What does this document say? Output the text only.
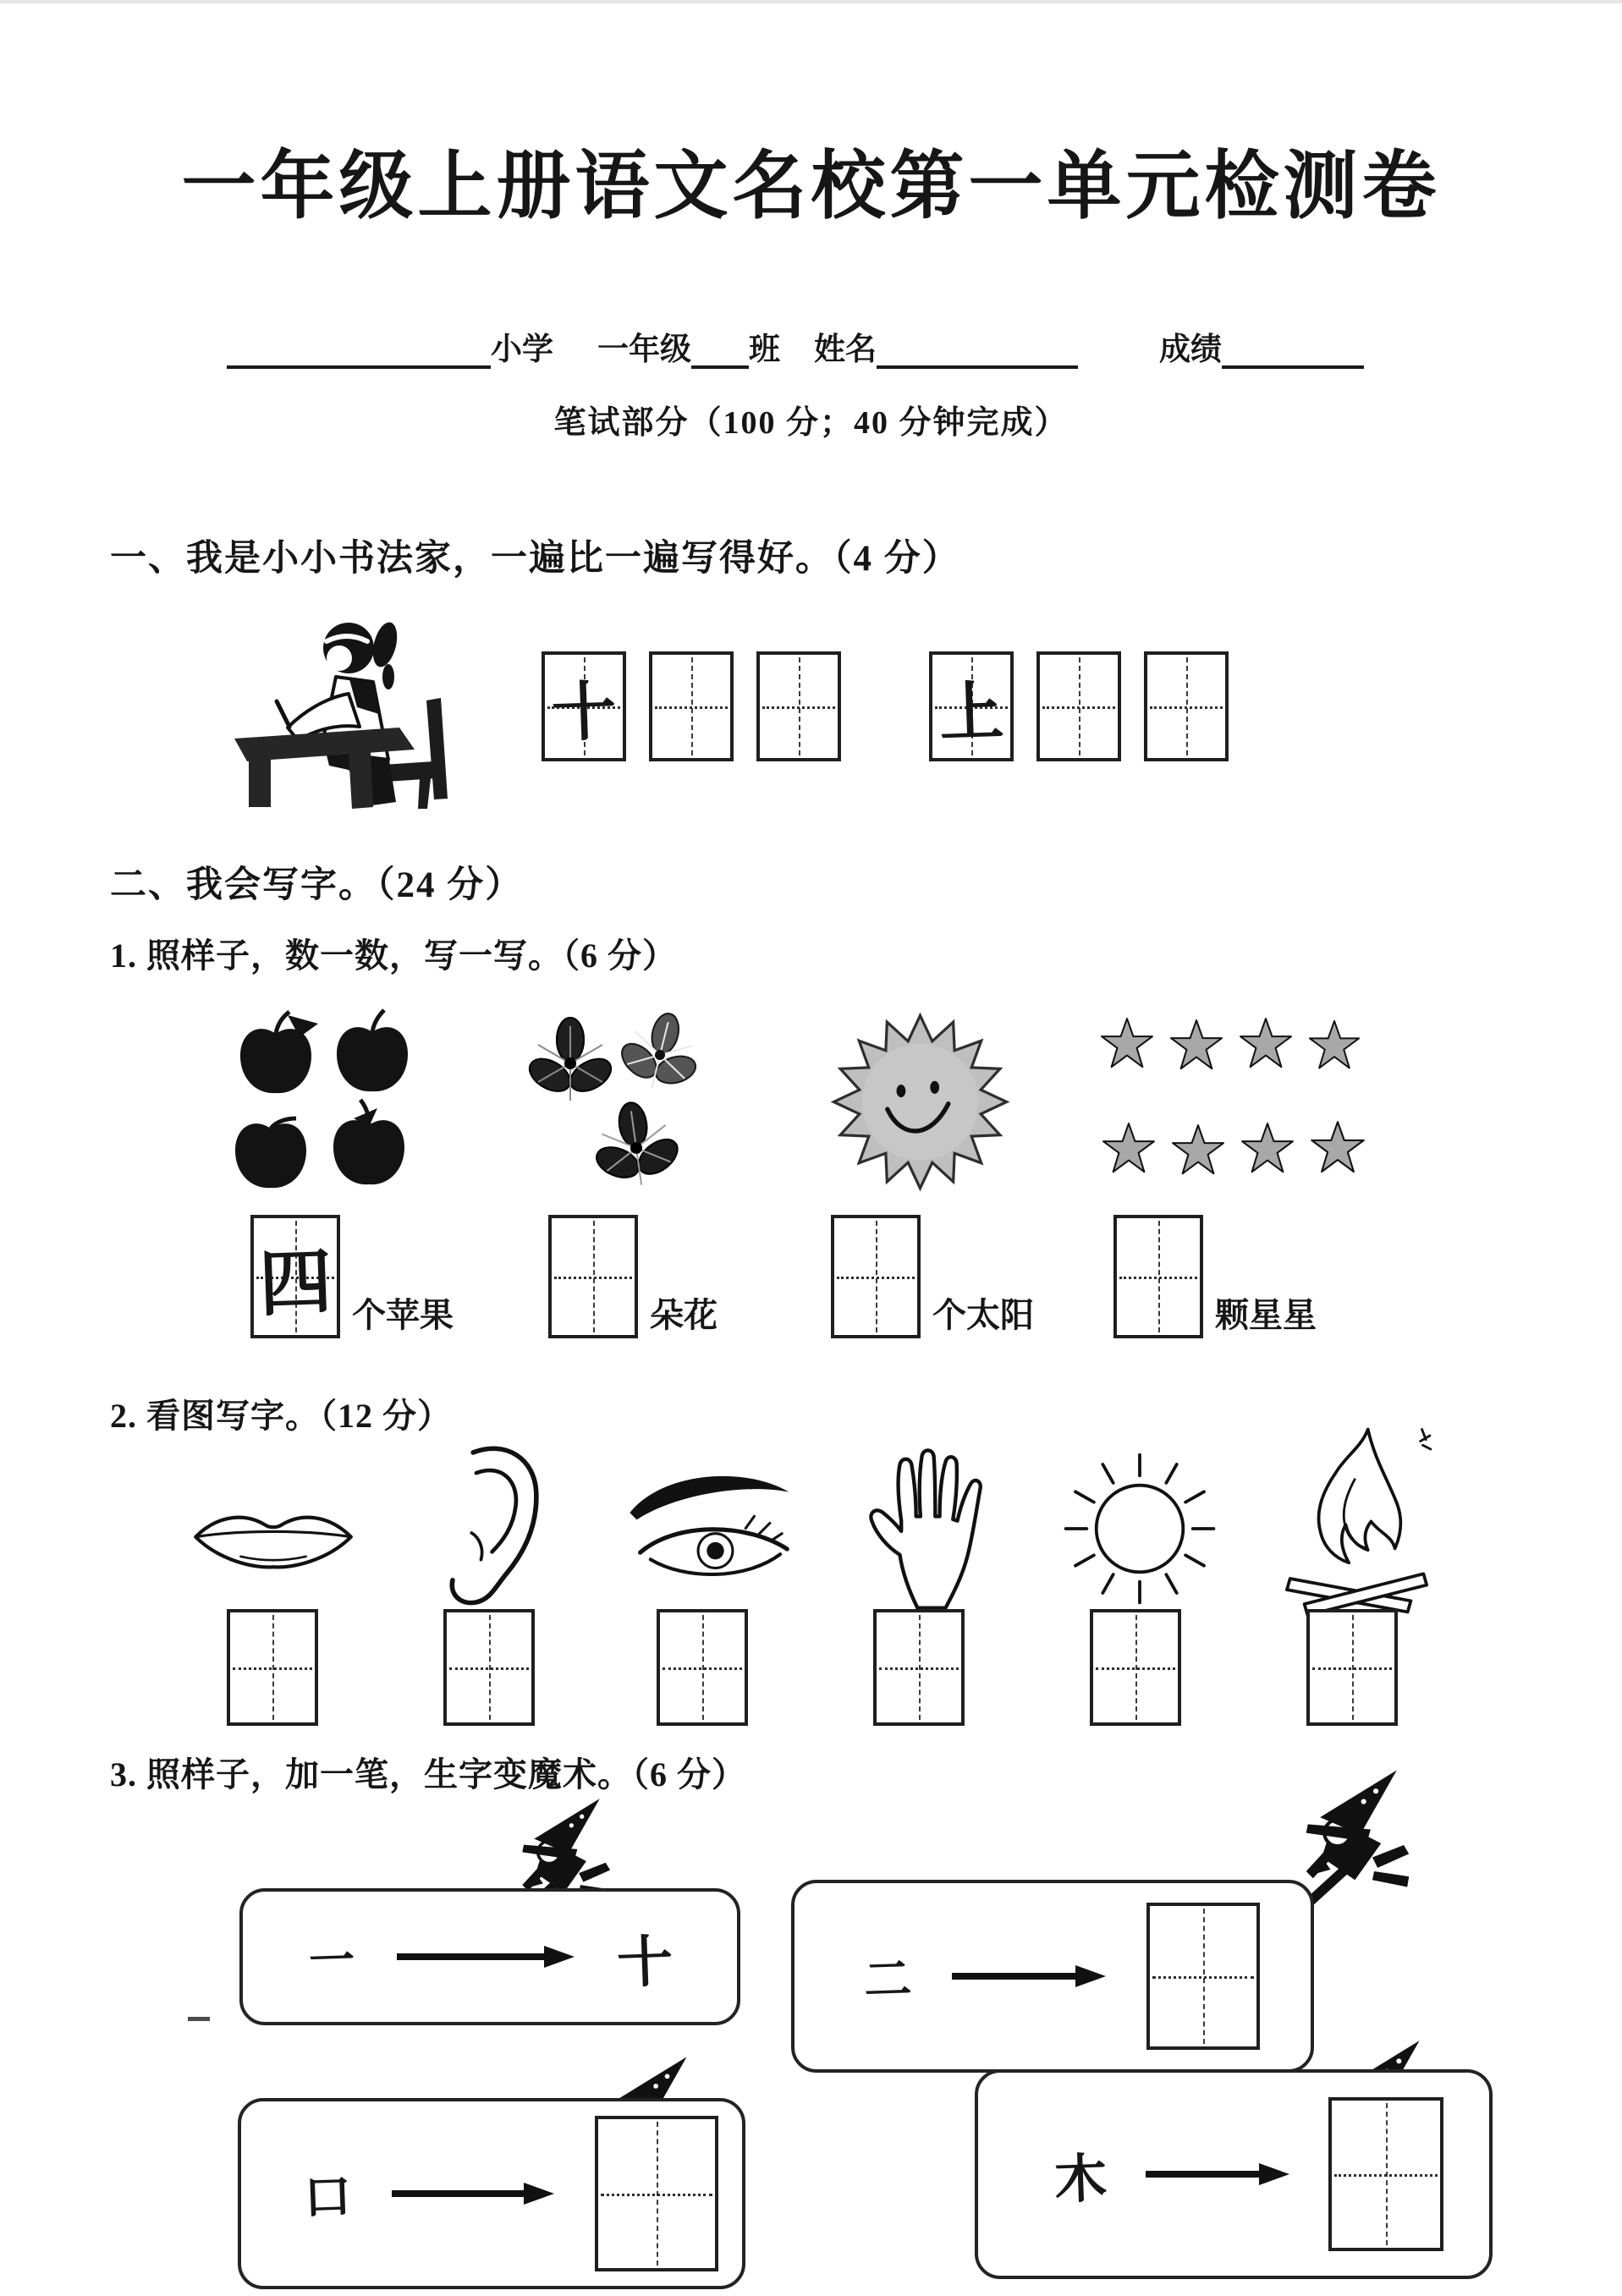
一年级上册语文名校第一单元检测卷
小学 一年级 班 姓名	成绩
笔试部分（100 分；40 分钟完成）
一、我是小小书法家，一遍比一遍写得好。（4 分）
十	上
二、我会写字。（24 分）
1. 照样子，数一数，写一写。（6 分）
四 个苹果	朵花	个太阳	颗星星
2. 看图写字。（12 分）
3. 照样子，加一笔，生字变魔术。（6 分）
一	十	二
口	木
